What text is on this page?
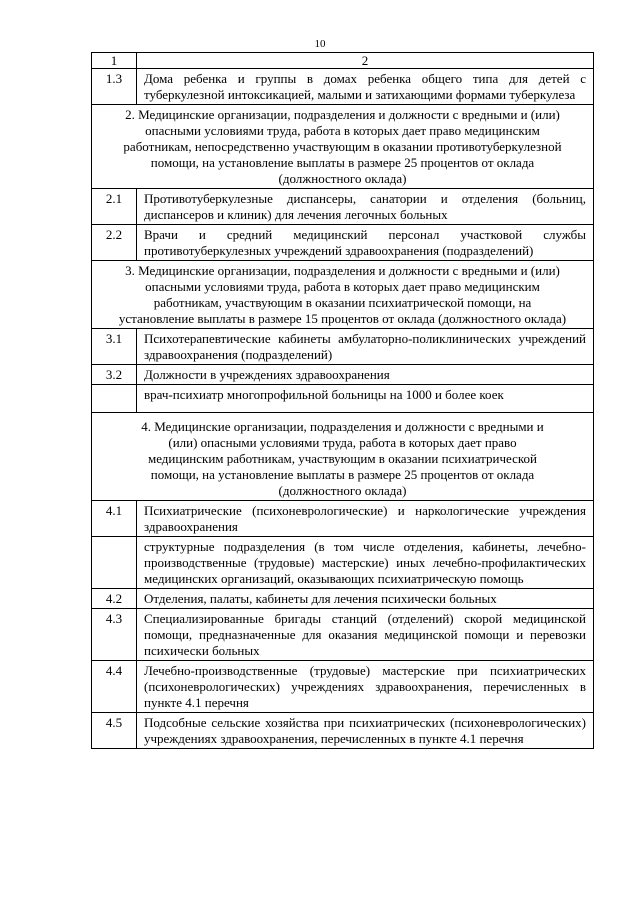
10
1	2
1.3	Дома ребенка и группы в домах ребенка общего типа для детей с туберкулезной интоксикацией, малыми и затихающими формами туберкулеза
2. Медицинские организации, подразделения и должности с вредными и (или) опасными условиями труда, работа в которых дает право медицинским работникам, непосредственно участвующим в оказании противотуберкулезной помощи, на установление выплаты в размере 25 процентов от оклада (должностного оклада)	
2.1	Противотуберкулезные диспансеры, санатории и отделения (больниц, диспансеров и клиник) для лечения легочных больных
2.2	Врачи и средний медицинский персонал участковой службы противотуберкулезных учреждений здравоохранения (подразделений)
3. Медицинские организации, подразделения и должности с вредными и (или) опасными условиями труда, работа в которых дает право медицинским работникам, участвующим в оказании психиатрической помощи, на установление выплаты в размере 15 процентов от оклада (должностного оклада)	
3.1	Психотерапевтические кабинеты амбулаторно-поликлинических учреждений здравоохранения (подразделений)
3.2	Должности в учреждениях здравоохранения
	врач-психиатр многопрофильной больницы на 1000 и более коек
4. Медицинские организации, подразделения и должности с вредными и (или) опасными условиями труда, работа в которых дает право медицинским работникам, участвующим в оказании психиатрической помощи, на установление выплаты в размере 25 процентов от оклада (должностного оклада)	
4.1	Психиатрические (психоневрологические) и наркологические учреждения здравоохранения
	структурные подразделения (в том числе отделения, кабинеты, лечебно-производственные (трудовые) мастерские) иных лечебно-профилактических медицинских организаций, оказывающих психиатрическую помощь
4.2	Отделения, палаты, кабинеты для лечения психически больных
4.3	Специализированные бригады станций (отделений) скорой медицинской помощи, предназначенные для оказания медицинской помощи и перевозки психически больных
4.4	Лечебно-производственные (трудовые) мастерские при психиатрических (психоневрологических) учреждениях здравоохранения, перечисленных в пункте 4.1 перечня
4.5	Подсобные сельские хозяйства при психиатрических (психоневрологических) учреждениях здравоохранения, перечисленных в пункте 4.1 перечня
